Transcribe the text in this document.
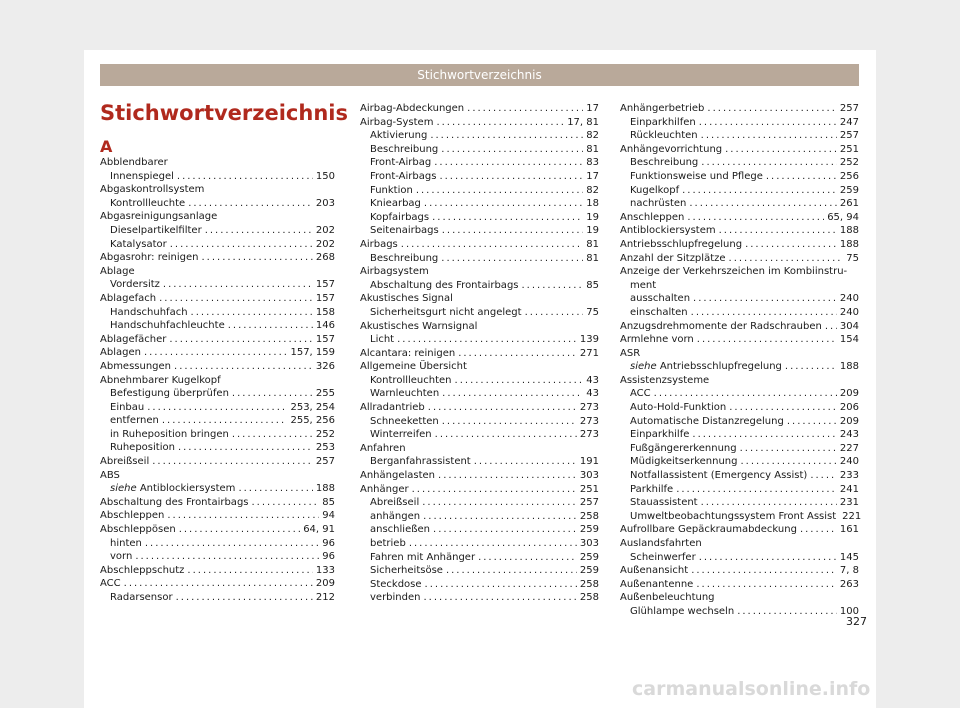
Stichwortverzeichnis
Stichwortverzeichnis
A
Abblendbarer
Innenspiegel .....	150
Abgaskontrollsystem
Kontrollleuchte .....	203
Abgasreinigungsanlage
Dieselpartikelfilter .....	202
Katalysator .....	202
Abgasrohr: reinigen .....	268
Ablage
Vordersitz .....	157
Ablagefach .....	157
Handschuhfach .....	158
Handschuhfachleuchte .....	146
Ablagefächer .....	157
Ablagen .....	157, 159
Abmessungen .....	326
Abnehmbarer Kugelkopf
Befestigung überprüfen .....	255
Einbau .....	253, 254
entfernen .....	255, 256
in Ruheposition bringen .....	252
Ruheposition .....	253
Abreißseil .....	257
ABS
siehe Antiblockiersystem .....	188
Abschaltung des Frontairbags .....	85
Abschleppen .....	94
Abschleppösen .....	64, 91
hinten .....	96
vorn .....	96
Abschleppschutz .....	133
ACC .....	209
Radarsensor .....	212
Airbag-Abdeckungen .....	17
Airbag-System .....	17, 81
Aktivierung .....	82
Beschreibung .....	81
Front-Airbag .....	83
Front-Airbags .....	17
Funktion .....	82
Kniearbag .....	18
Kopfairbags .....	19
Seitenairbags .....	19
Airbags .....	81
Beschreibung .....	81
Airbagsystem
Abschaltung des Frontairbags .....	85
Akustisches Signal
Sicherheitsgurt nicht angelegt .....	75
Akustisches Warnsignal
Licht .....	139
Alcantara: reinigen .....	271
Allgemeine Übersicht
Kontrollleuchten .....	43
Warnleuchten .....	43
Allradantrieb .....	273
Schneeketten .....	273
Winterreifen .....	273
Anfahren
Berganfahrassistent .....	191
Anhängelasten .....	303
Anhänger .....	251
Abreißseil .....	257
anhängen .....	258
anschließen .....	259
betrieb .....	303
Fahren mit Anhänger .....	259
Sicherheitsöse .....	259
Steckdose .....	258
verbinden .....	258
Anhängerbetrieb .....	257
Einparkhilfen .....	247
Rückleuchten .....	257
Anhängevorrichtung .....	251
Beschreibung .....	252
Funktionsweise und Pflege .....	256
Kugelkopf .....	259
nachrüsten .....	261
Anschleppen .....	65, 94
Antiblockiersystem .....	188
Antriebsschlupfregelung .....	188
Anzahl der Sitzplätze .....	75
Anzeige der Verkehrszeichen im Kombiinstru-
ment
ausschalten .....	240
einschalten .....	240
Anzugsdrehmomente der Radschrauben ..... 304
Armlehne vorn .....	154
ASR
siehe Antriebsschlupfregelung .....	188
Assistenzsysteme
ACC .....	209
Auto-Hold-Funktion .....	206
Automatische Distanzregelung .....	209
Einparkhilfe .....	243
Fußgängererkennung .....	227
Müdigkeitserkennung .....	240
Notfallassistent (Emergency Assist) .....	233
Parkhilfe .....	241
Stauassistent .....	231
Umweltbeobachtungssystem Front Assist 221
Aufrollbare Gepäckraumabdeckung .....	161
Auslandsfahrten
Scheinwerfer .....	145
Außenansicht .....	7, 8
Außenantenne .....	263
Außenbeleuchtung
Glühlampe wechseln .....	100
327
carmanualsonline.info
